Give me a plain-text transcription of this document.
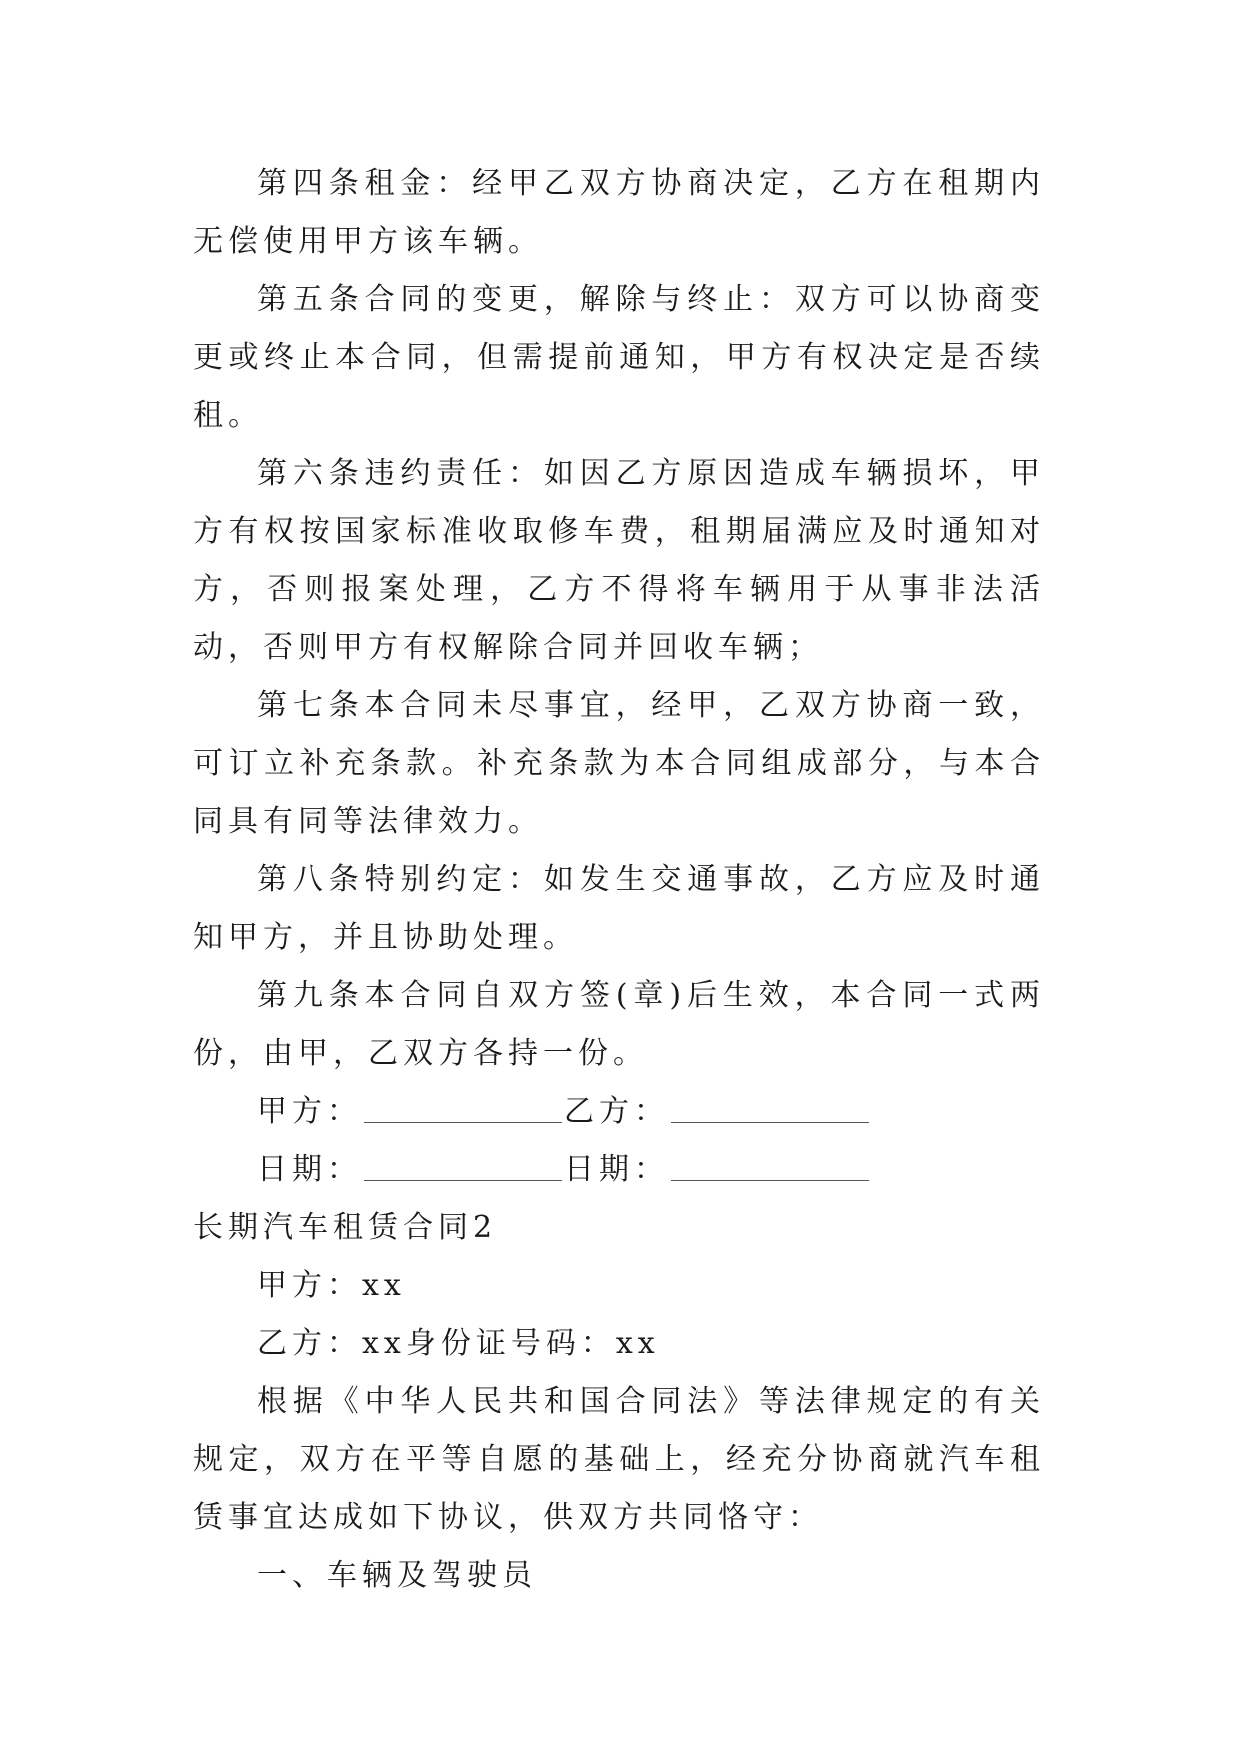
第四条租金：经甲乙双方协商决定，乙方在租期内无偿使用甲方该车辆。

第五条合同的变更，解除与终止：双方可以协商变更或终止本合同，但需提前通知，甲方有权决定是否续租。

第六条违约责任：如因乙方原因造成车辆损坏，甲方有权按国家标准收取修车费，租期届满应及时通知对方，否则报案处理，乙方不得将车辆用于从事非法活动，否则甲方有权解除合同并回收车辆；

第七条本合同未尽事宜，经甲，乙双方协商一致，可订立补充条款。补充条款为本合同组成部分，与本合同具有同等法律效力。

第八条特别约定：如发生交通事故，乙方应及时通知甲方，并且协助处理。

第九条本合同自双方签(章)后生效，本合同一式两份，由甲，乙双方各持一份。

甲方：	乙方：

日期：	日期：

长期汽车租赁合同2

甲方：xx

乙方：xx身份证号码：xx

根据《中华人民共和国合同法》等法律规定的有关规定，双方在平等自愿的基础上，经充分协商就汽车租赁事宜达成如下协议，供双方共同恪守：

一、车辆及驾驶员
